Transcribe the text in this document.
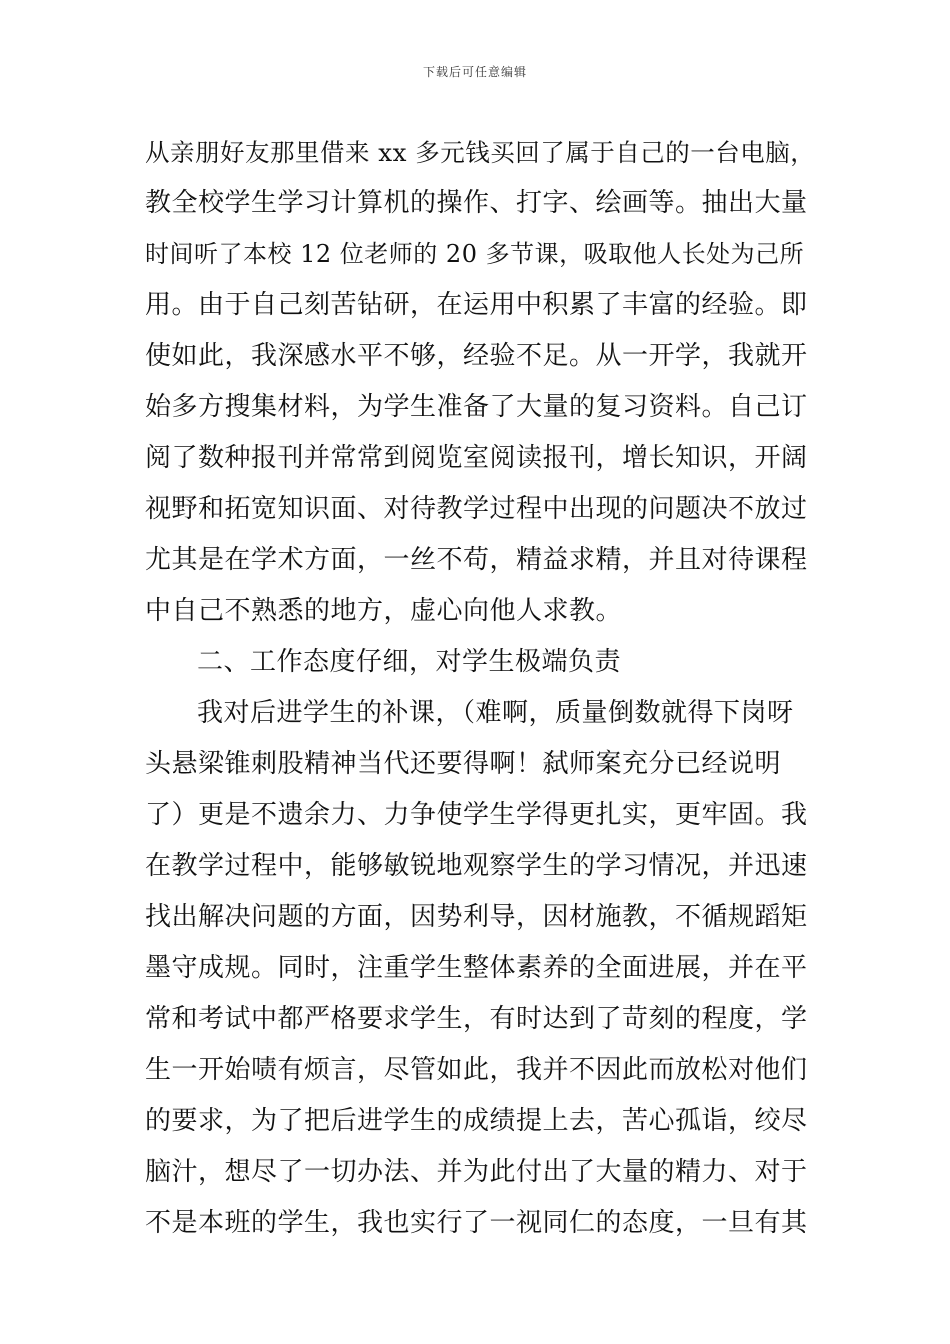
下载后可任意编辑
从亲朋好友那里借来 xx 多元钱买回了属于自己的一台电脑，
教全校学生学习计算机的操作、打字、绘画等。抽出大量
时间听了本校 12 位老师的 20 多节课，吸取他人长处为己所
用。由于自己刻苦钻研，在运用中积累了丰富的经验。即
使如此，我深感水平不够，经验不足。从一开学，我就开
始多方搜集材料，为学生准备了大量的复习资料。自己订
阅了数种报刊并常常到阅览室阅读报刊，增长知识，开阔
视野和拓宽知识面、对待教学过程中出现的问题决不放过
尤其是在学术方面，一丝不苟，精益求精，并且对待课程
中自己不熟悉的地方，虚心向他人求教。
二、工作态度仔细，对学生极端负责
我对后进学生的补课，（难啊，质量倒数就得下岗呀
头悬梁锥刺股精神当代还要得啊！弑师案充分已经说明
了）更是不遗余力、力争使学生学得更扎实，更牢固。我
在教学过程中，能够敏锐地观察学生的学习情况，并迅速
找出解决问题的方面，因势利导，因材施教，不循规蹈矩
墨守成规。同时，注重学生整体素养的全面进展，并在平
常和考试中都严格要求学生，有时达到了苛刻的程度，学
生一开始啧有烦言，尽管如此，我并不因此而放松对他们
的要求，为了把后进学生的成绩提上去，苦心孤诣，绞尽
脑汁，想尽了一切办法、并为此付出了大量的精力、对于
不是本班的学生，我也实行了一视同仁的态度，一旦有其
